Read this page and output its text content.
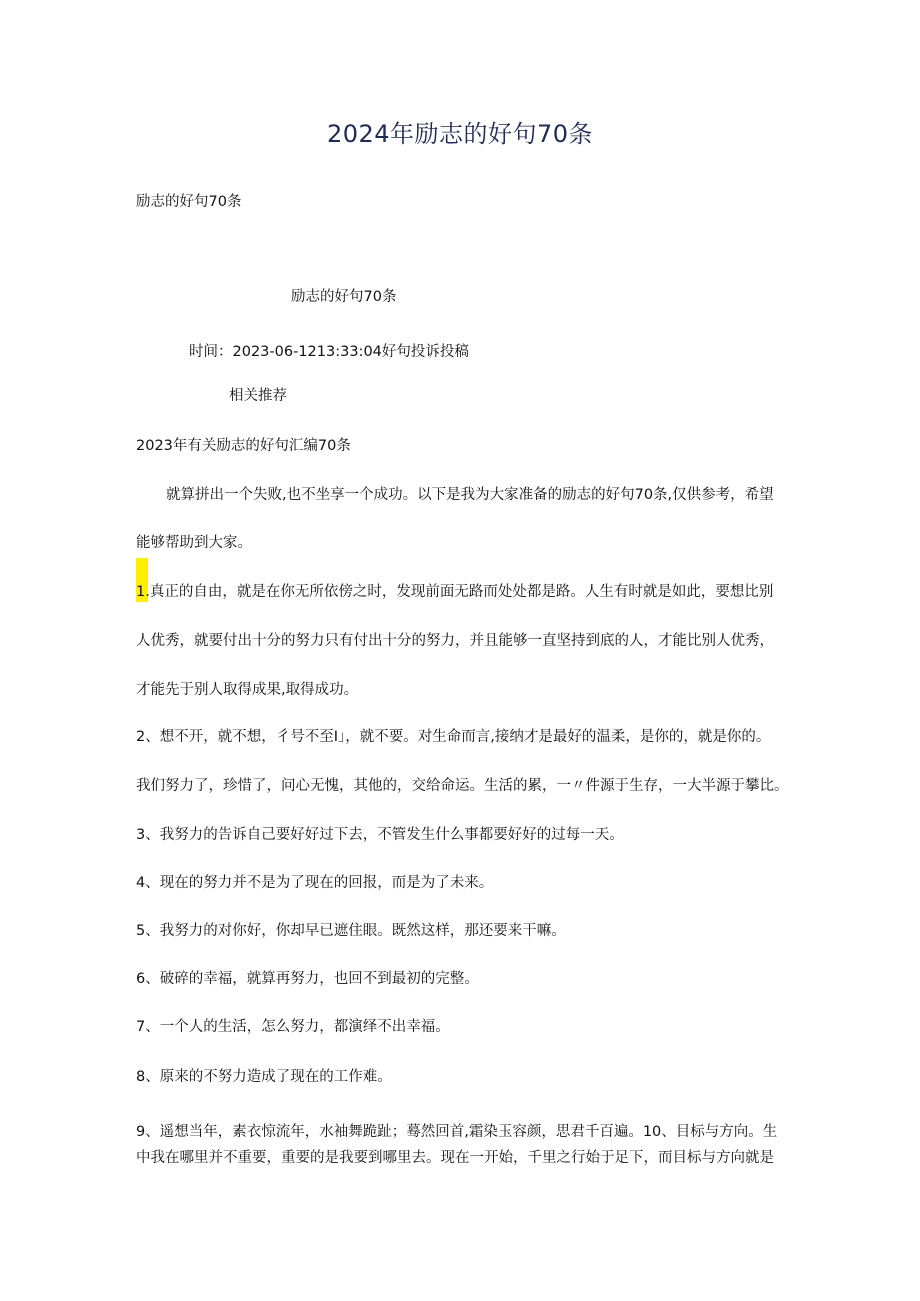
2024年励志的好句70条
励志的好句70条
励志的好句70条
时间：2023-06-1213:33:04好句投诉投稿
相关推荐
2023年有关励志的好句汇编70条
就算拼出一个失败,也不坐享一个成功。以下是我为大家准备的励志的好句70条,仅供参考，希望
能够帮助到大家。
1.真正的自由，就是在你无所依傍之时，发现前面无路而处处都是路。人生有时就是如此，要想比别
人优秀，就要付出十分的努力只有付出十分的努力，并且能够一直坚持到底的人，才能比别人优秀，
才能先于别人取得成果,取得成功。
2、想不开，就不想，彳号不至I」，就不要。对生命而言,接纳才是最好的温柔，是你的，就是你的。
我们努力了，珍惜了，问心无愧，其他的，交给命运。生活的累，一〃件源于生存，一大半源于攀比。
3、我努力的告诉自己要好好过下去，不管发生什么事都要好好的过每一天。
4、现在的努力并不是为了现在的回报，而是为了未来。
5、我努力的对你好，你却早已遮住眼。既然这样，那还要来干嘛。
6、破碎的幸福，就算再努力，也回不到最初的完整。
7、一个人的生活，怎么努力，都演绎不出幸福。
8、原来的不努力造成了现在的工作难。
9、遥想当年，素衣惊流年，水袖舞跪趾；蓦然回首,霜染玉容颜，思君千百遍。10、目标与方向。生
中我在哪里并不重要，重要的是我要到哪里去。现在一开始，千里之行始于足下，而目标与方向就是
